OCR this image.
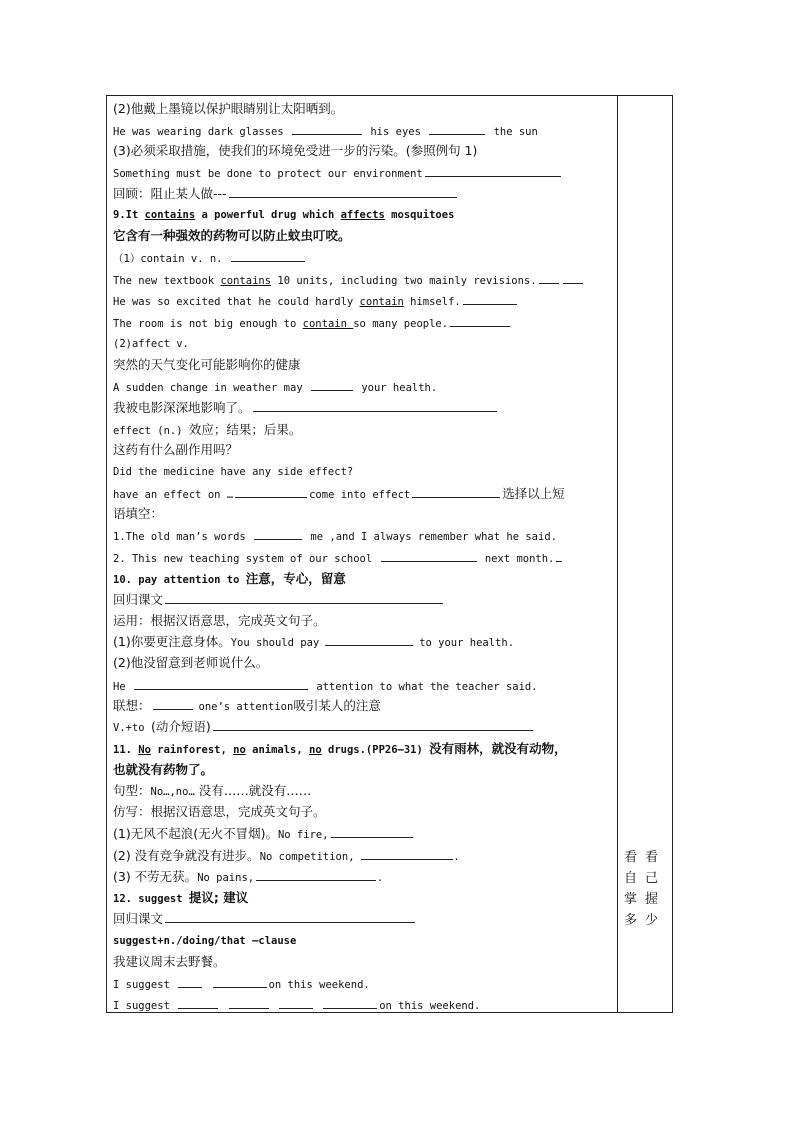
(2)他戴上墨镜以保护眼睛别让太阳晒到。
He was wearing dark glasses	his eyes	the sun
(3)必须采取措施，使我们的环境免受进一步的污染。(参照例句 1)
Something must be done to protect our environment
回顾：阻止某人做---
9.It contains a powerful drug which affects mosquitoes
它含有一种强效的药物可以防止蚊虫叮咬。
（1）contain v. n.
The new textbook contains 10 units, including two mainly revisions.
He was so excited that he could hardly contain himself.
The room is not big enough to contain so many people.
(2)affect v.
突然的天气变化可能影响你的健康
A sudden change in weather may	your health.
我被电影深深地影响了。
effect (n.) 效应；结果；后果。
这药有什么副作用吗？
Did the medicine have any side effect?
have an effect on …	come into effect	选择以上短
语填空：
1.The old man’s words	me ,and I always remember what he said.
2. This new teaching system of our school	next month.
10. pay attention to 注意，专心，留意
回归课文
运用：根据汉语意思，完成英文句子。
(1)你要更注意身体。You should pay	to your health.
(2)他没留意到老师说什么。
He	attention to what the teacher said.
联想：	one’s attention吸引某人的注意
V.+to (动介短语)
11. No rainforest, no animals, no drugs.(PP26—31) 没有雨林，就没有动物，
也就没有药物了。
句型：No…,no… 没有……就没有……
仿写：根据汉语意思，完成英文句子。
(1)无风不起浪(无火不冒烟)。No fire,
(2) 没有竞争就没有进步。No competition,	.
(3) 不劳无获。No pains,	.
12. suggest 提议; 建议
回归课文
suggest+n./doing/that —clause
我建议周末去野餐。
I suggest	on this weekend.
I suggest	on this weekend.
看看
自己
掌握
多少
